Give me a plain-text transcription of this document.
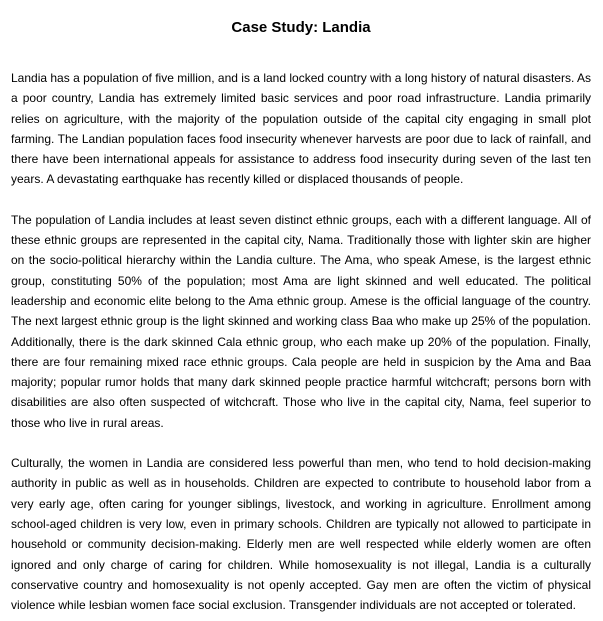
Case Study: Landia

Landia has a population of five million, and is a land locked country with a long history of natural disasters. As a poor country, Landia has extremely limited basic services and poor road infrastructure. Landia primarily relies on agriculture, with the majority of the population outside of the capital city engaging in small plot farming. The Landian population faces food insecurity whenever harvests are poor due to lack of rainfall, and there have been international appeals for assistance to address food insecurity during seven of the last ten years. A devastating earthquake has recently killed or displaced thousands of people.

The population of Landia includes at least seven distinct ethnic groups, each with a different language. All of these ethnic groups are represented in the capital city, Nama. Traditionally those with lighter skin are higher on the socio-political hierarchy within the Landia culture. The Ama, who speak Amese, is the largest ethnic group, constituting 50% of the population; most Ama are light skinned and well educated. The political leadership and economic elite belong to the Ama ethnic group. Amese is the official language of the country. The next largest ethnic group is the light skinned and working class Baa who make up 25% of the population. Additionally, there is the dark skinned Cala ethnic group, who each make up 20% of the population. Finally, there are four remaining mixed race ethnic groups. Cala people are held in suspicion by the Ama and Baa majority; popular rumor holds that many dark skinned people practice harmful witchcraft; persons born with disabilities are also often suspected of witchcraft. Those who live in the capital city, Nama, feel superior to those who live in rural areas.

Culturally, the women in Landia are considered less powerful than men, who tend to hold decision-making authority in public as well as in households. Children are expected to contribute to household labor from a very early age, often caring for younger siblings, livestock, and working in agriculture. Enrollment among school-aged children is very low, even in primary schools. Children are typically not allowed to participate in household or community decision-making. Elderly men are well respected while elderly women are often ignored and only charge of caring for children. While homosexuality is not illegal, Landia is a culturally conservative country and homosexuality is not openly accepted. Gay men are often the victim of physical violence while lesbian women face social exclusion. Transgender individuals are not accepted or tolerated.
